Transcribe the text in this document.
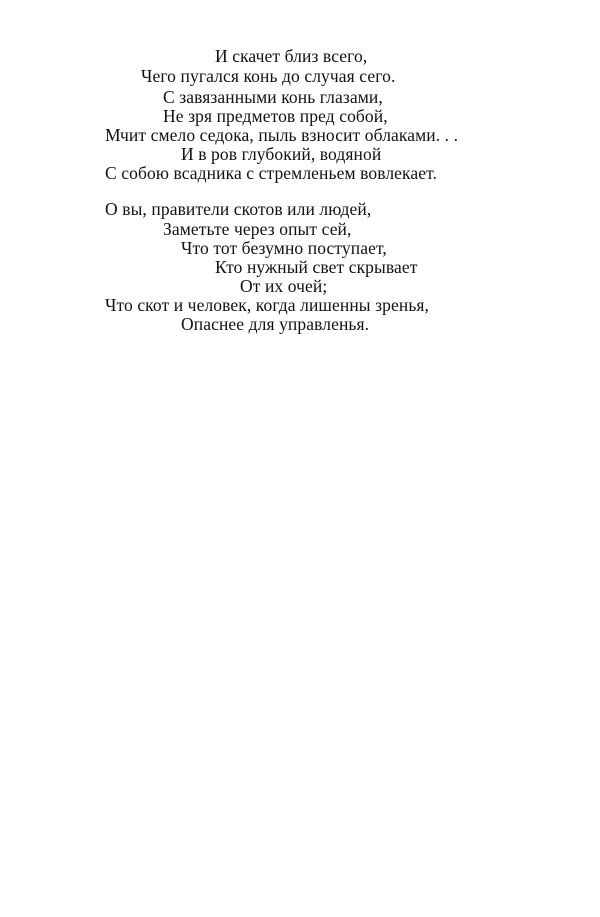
И скачет близ всего,
Чего пугался конь до случая сего.
С завязанными конь глазами,
Не зря предметов пред собой,
Мчит смело седока, пыль взносит облаками. . .
И в ров глубокий, водяной
С собою всадника с стремленьем вовлекает.
О вы, правители скотов или людей,
Заметьте через опыт сей,
Что тот безумно поступает,
Кто нужный свет скрывает
От их очей;
Что скот и человек, когда лишенны зренья,
Опаснее для управленья.
